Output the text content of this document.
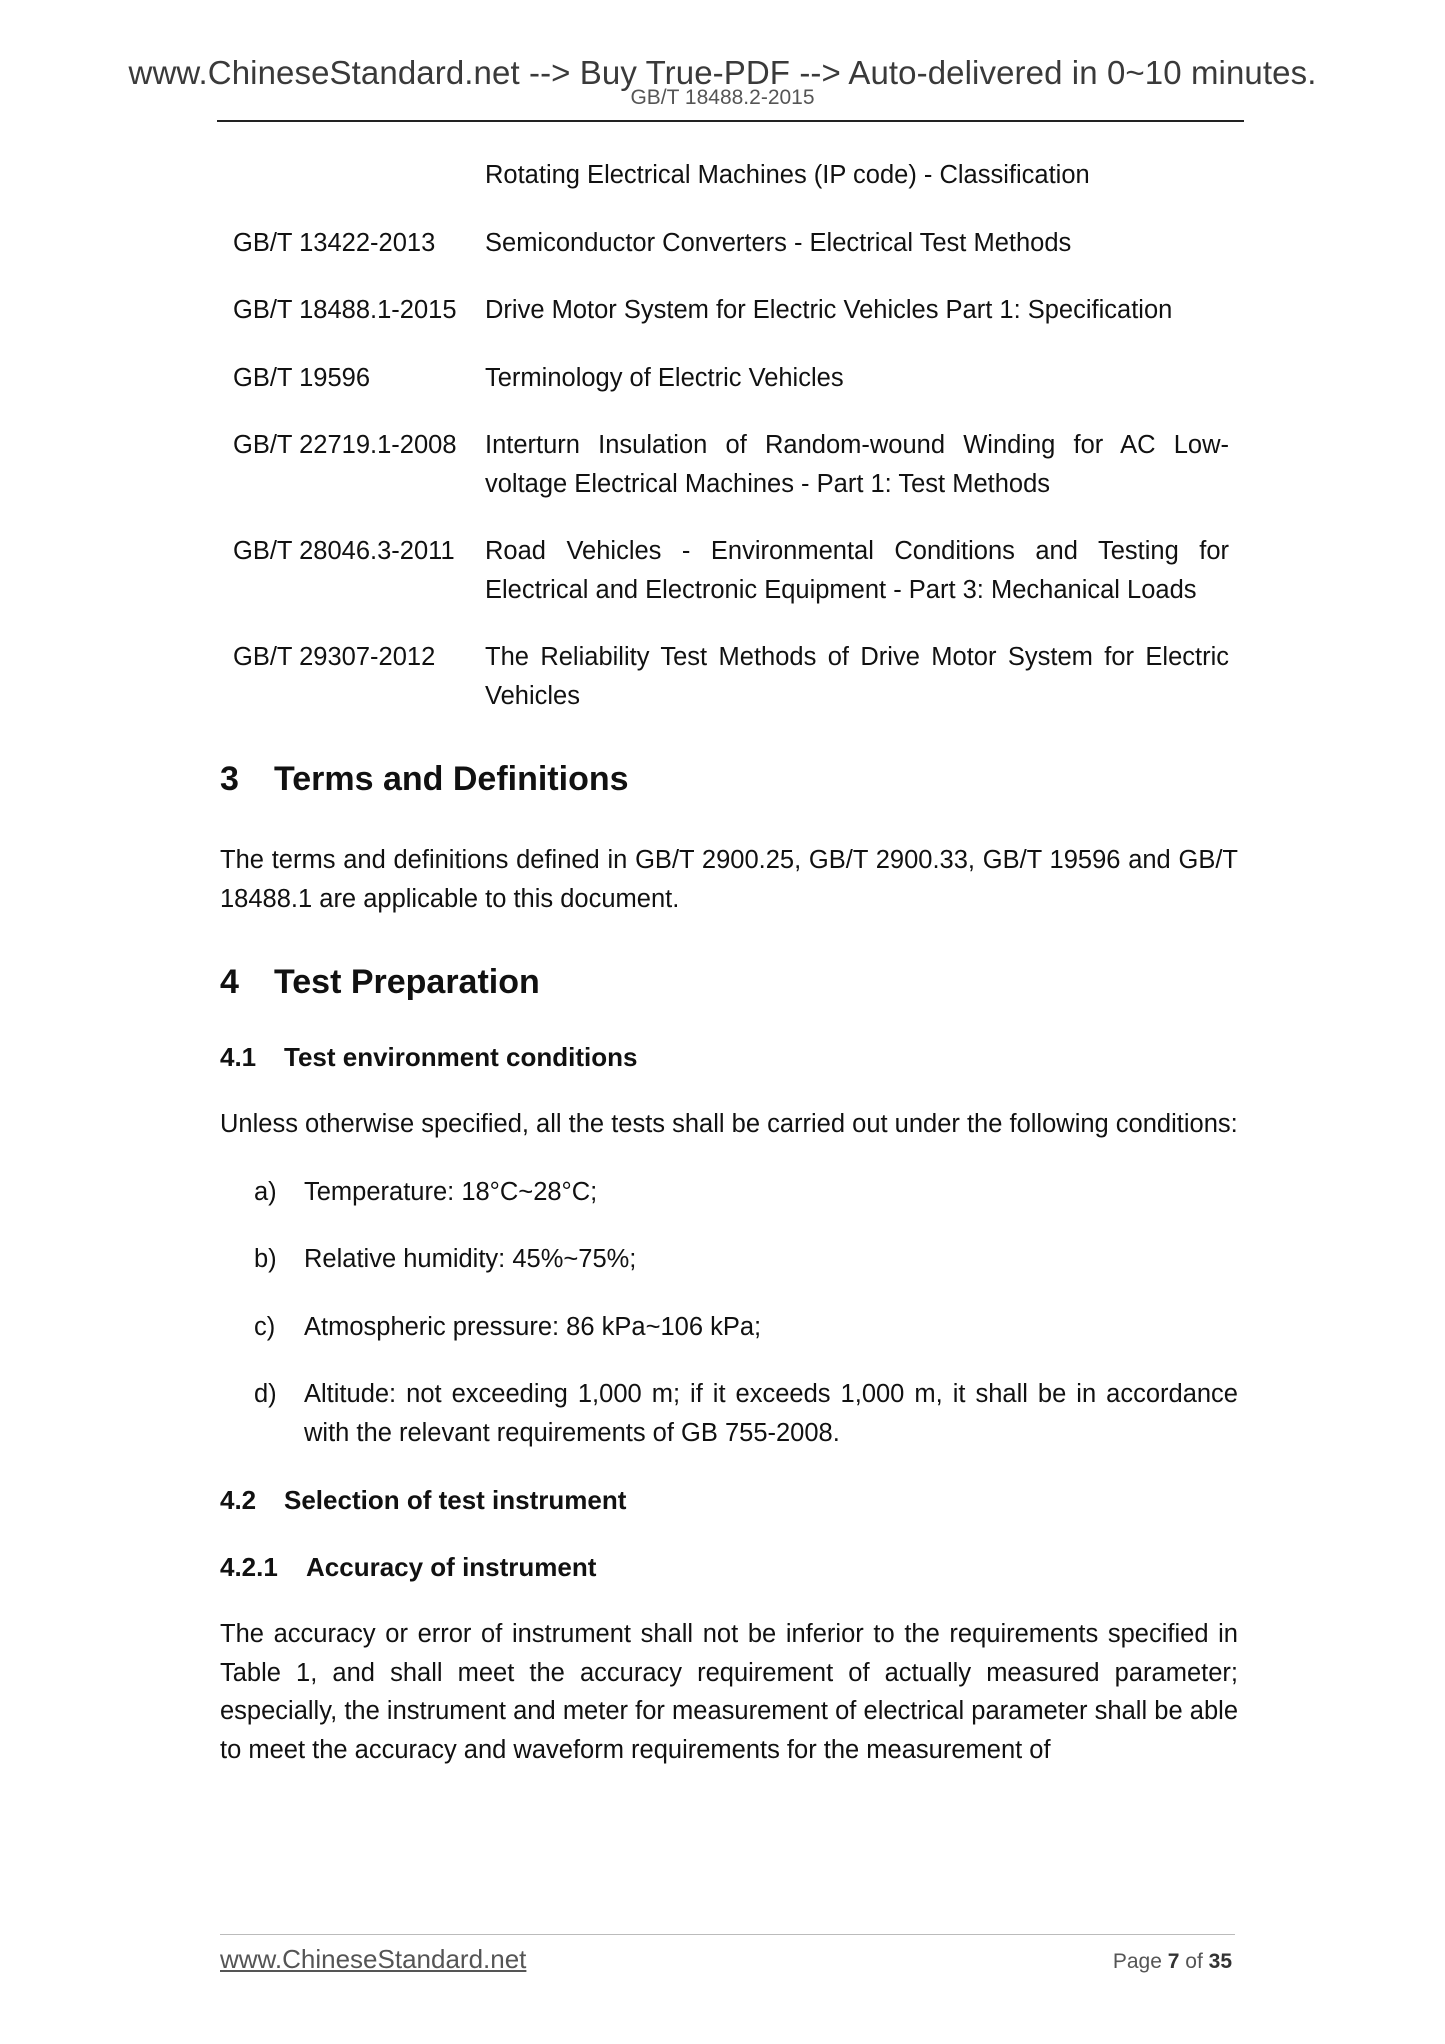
www.ChineseStandard.net --> Buy True-PDF --> Auto-delivered in 0~10 minutes.
GB/T 18488.2-2015
Rotating Electrical Machines (IP code) - Classification
GB/T 13422-2013	Semiconductor Converters - Electrical Test Methods
GB/T 18488.1-2015	Drive Motor System for Electric Vehicles Part 1: Specification
GB/T 19596	Terminology of Electric Vehicles
GB/T 22719.1-2008	Interturn Insulation of Random-wound Winding for AC Low-voltage Electrical Machines - Part 1: Test Methods
GB/T 28046.3-2011	Road Vehicles - Environmental Conditions and Testing for Electrical and Electronic Equipment - Part 3: Mechanical Loads
GB/T 29307-2012	The Reliability Test Methods of Drive Motor System for Electric Vehicles
3 Terms and Definitions

The terms and definitions defined in GB/T 2900.25, GB/T 2900.33, GB/T 19596 and GB/T 18488.1 are applicable to this document.

4 Test Preparation
4.1 Test environment conditions

Unless otherwise specified, all the tests shall be carried out under the following conditions:

a)	Temperature: 18°C~28°C;
b)	Relative humidity: 45%~75%;
c)	Atmospheric pressure: 86 kPa~106 kPa;
d)	Altitude: not exceeding 1,000 m; if it exceeds 1,000 m, it shall be in accordance with the relevant requirements of GB 755-2008.
4.2 Selection of test instrument
4.2.1 Accuracy of instrument

The accuracy or error of instrument shall not be inferior to the requirements specified in Table 1, and shall meet the accuracy requirement of actually measured parameter; especially, the instrument and meter for measurement of electrical parameter shall be able to meet the accuracy and waveform requirements for the measurement of

www.ChineseStandard.net	Page 7 of 35
